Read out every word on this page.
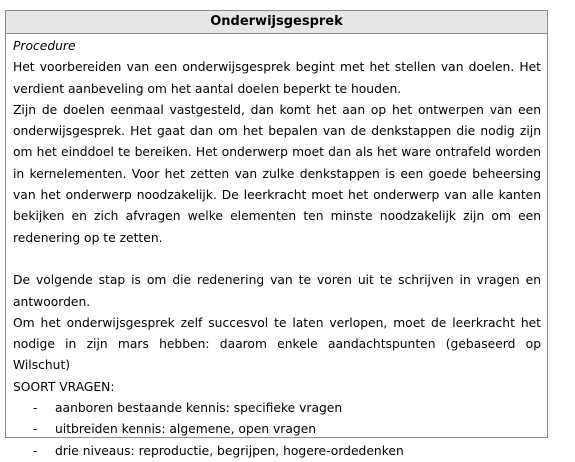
Onderwijsgesprek

Procedure

Het voorbereiden van een onderwijsgesprek begint met het stellen van doelen. Het verdient aanbeveling om het aantal doelen beperkt te houden.

Zijn de doelen eenmaal vastgesteld, dan komt het aan op het ontwerpen van een onderwijsgesprek. Het gaat dan om het bepalen van de denkstappen die nodig zijn om het einddoel te bereiken. Het onderwerp moet dan als het ware ontrafeld worden in kernelementen. Voor het zetten van zulke denkstappen is een goede beheersing van het onderwerp noodzakelijk. De leerkracht moet het onderwerp van alle kanten bekijken en zich afvragen welke elementen ten minste noodzakelijk zijn om een redenering op te zetten.

De volgende stap is om die redenering van te voren uit te schrijven in vragen en antwoorden.

Om het onderwijsgesprek zelf succesvol te laten verlopen, moet de leerkracht het nodige in zijn mars hebben: daarom enkele aandachtspunten (gebaseerd op Wilschut)

SOORT VRAGEN:

-	aanboren bestaande kennis: specifieke vragen
-	uitbreiden kennis: algemene, open vragen
-	drie niveaus: reproductie, begrijpen, hogere-ordedenken
